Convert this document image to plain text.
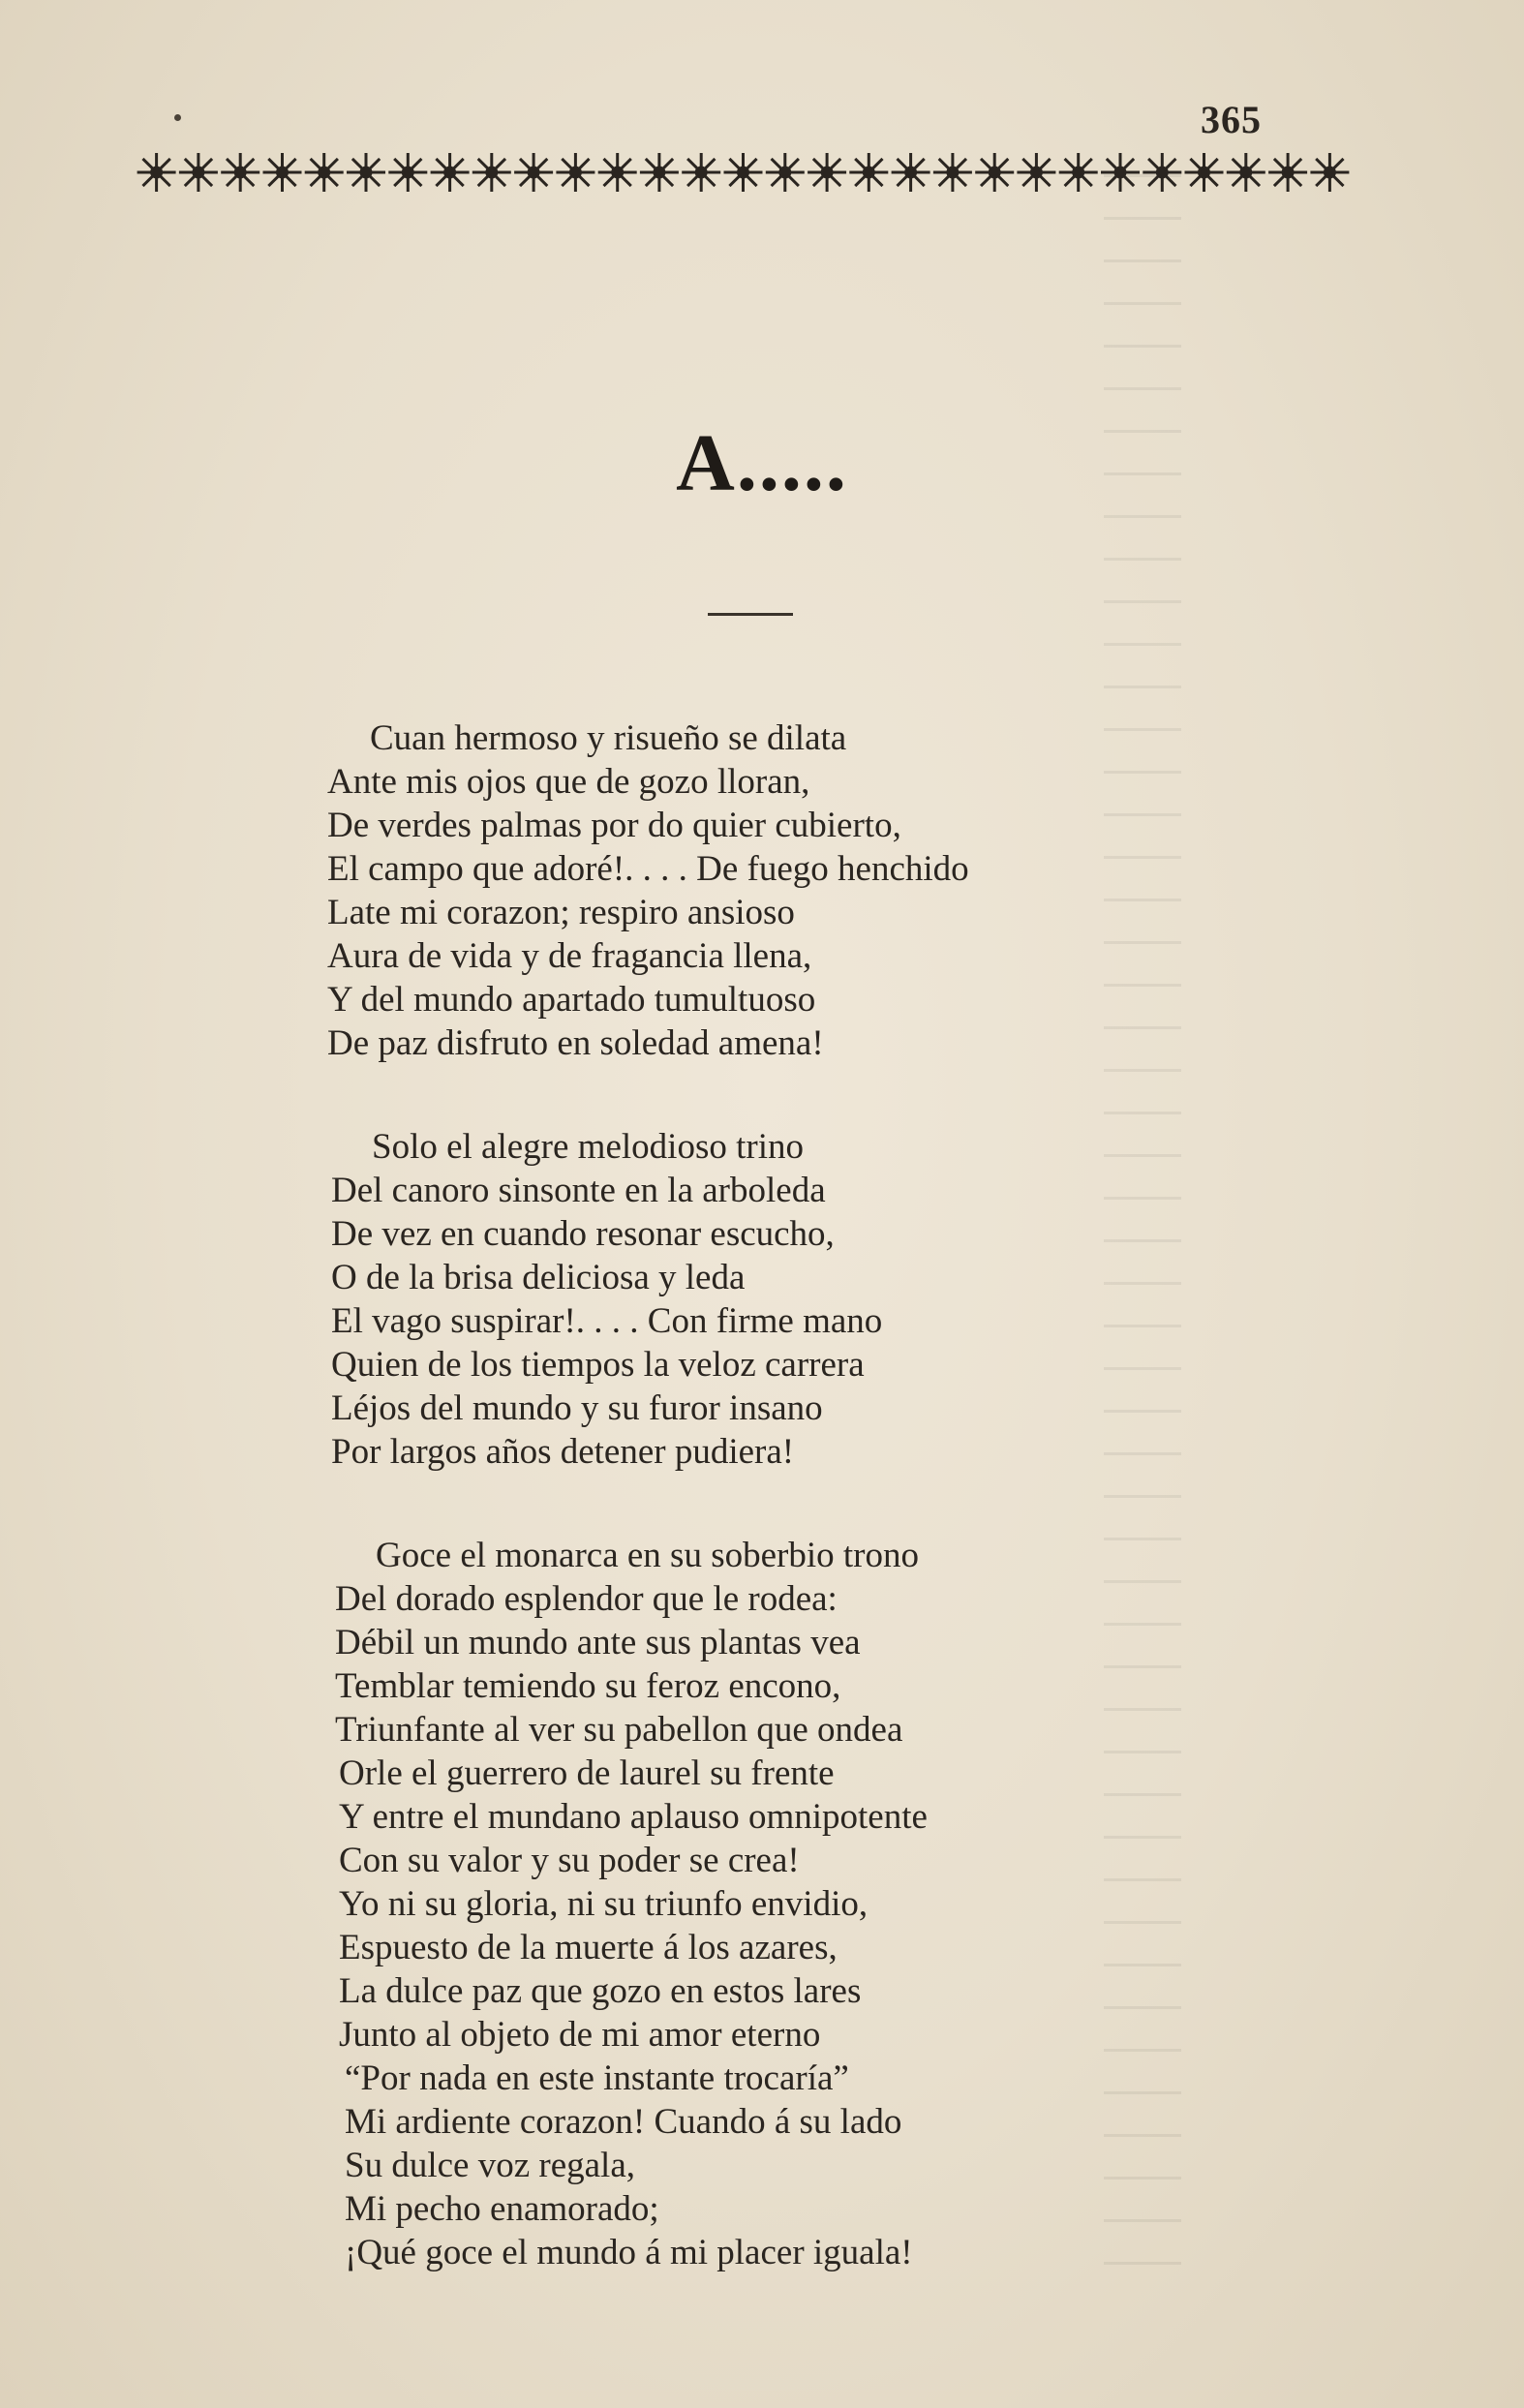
365
A.....
Cuan hermoso y risueño se dilata
Ante mis ojos que de gozo lloran,
De verdes palmas por do quier cubierto,
El campo que adoré!. . . . De fuego henchido
Late mi corazon; respiro ansioso
Aura de vida y de fragancia llena,
Y del mundo apartado tumultuoso
De paz disfruto en soledad amena!
Solo el alegre melodioso trino
Del canoro sinsonte en la arboleda
De vez en cuando resonar escucho,
O de la brisa deliciosa y leda
El vago suspirar!. . . . Con firme mano
Quien de los tiempos la veloz carrera
Léjos del mundo y su furor insano
Por largos años detener pudiera!
Goce el monarca en su soberbio trono
Del dorado esplendor que le rodea:
Débil un mundo ante sus plantas vea
Temblar temiendo su feroz encono,
Triunfante al ver su pabellon que ondea
Orle el guerrero de laurel su frente
Y entre el mundano aplauso omnipotente
Con su valor y su poder se crea!
Yo ni su gloria, ni su triunfo envidio,
Espuesto de la muerte á los azares,
La dulce paz que gozo en estos lares
Junto al objeto de mi amor eterno
“Por nada en este instante trocaría”
Mi ardiente corazon! Cuando á su lado
Su dulce voz regala,
Mi pecho enamorado;
¡Qué goce el mundo á mi placer iguala!
